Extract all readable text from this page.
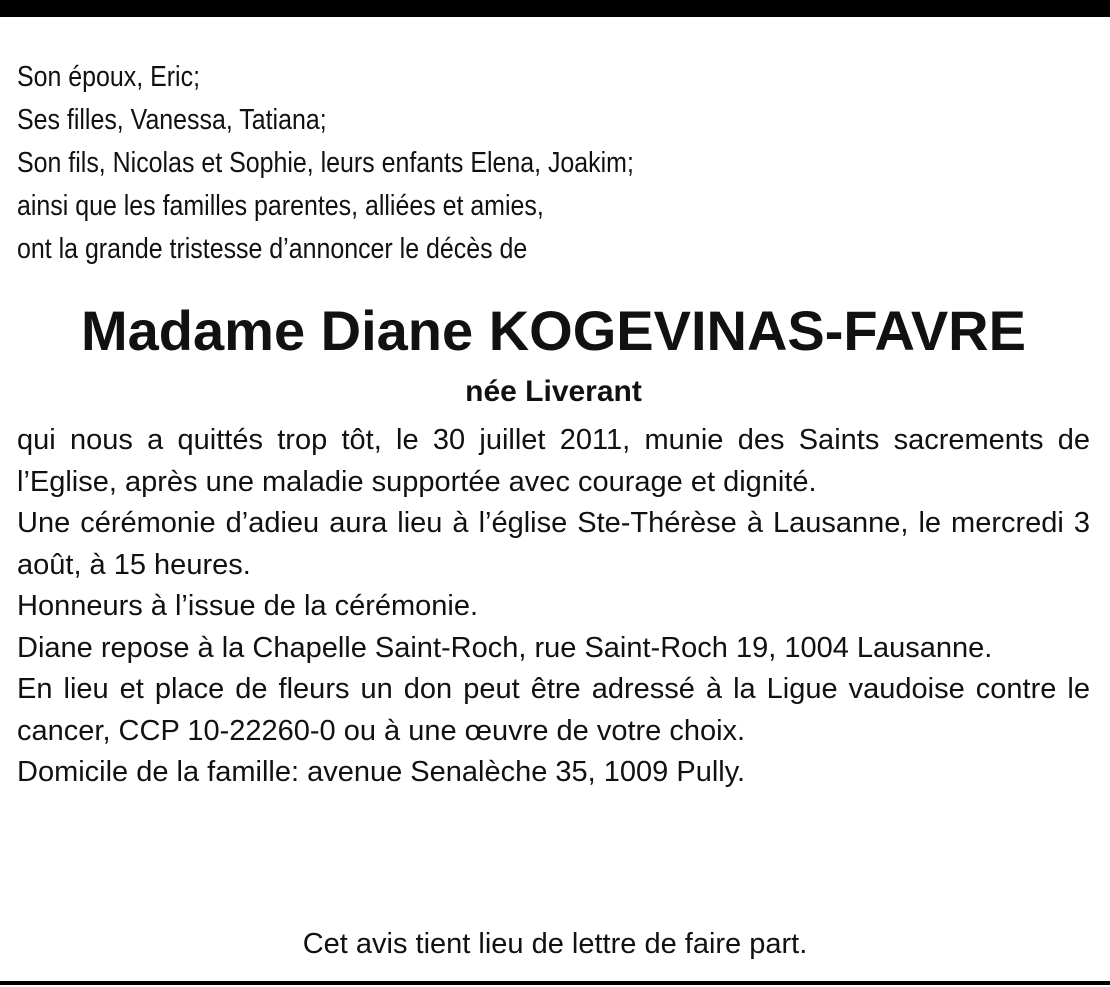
Son époux, Eric;
Ses filles, Vanessa, Tatiana;
Son fils, Nicolas et Sophie, leurs enfants Elena, Joakim;
ainsi que les familles parentes, alliées et amies,
ont la grande tristesse d’annoncer le décès de
Madame Diane KOGEVINAS-FAVRE
née Liverant

qui nous a quittés trop tôt, le 30 juillet 2011, munie des Saints sacrements de l’Eglise, après une maladie supportée avec courage et dignité.

Une cérémonie d’adieu aura lieu à l’église Ste-Thérèse à Lausanne, le mercredi 3 août, à 15 heures.

Honneurs à l’issue de la cérémonie.

Diane repose à la Chapelle Saint-Roch, rue Saint-Roch 19, 1004 Lausanne.

En lieu et place de fleurs un don peut être adressé à la Ligue vaudoise contre le cancer, CCP 10-22260-0 ou à une œuvre de votre choix.

Domicile de la famille: avenue Senalèche 35, 1009 Pully.

Cet avis tient lieu de lettre de faire part.
